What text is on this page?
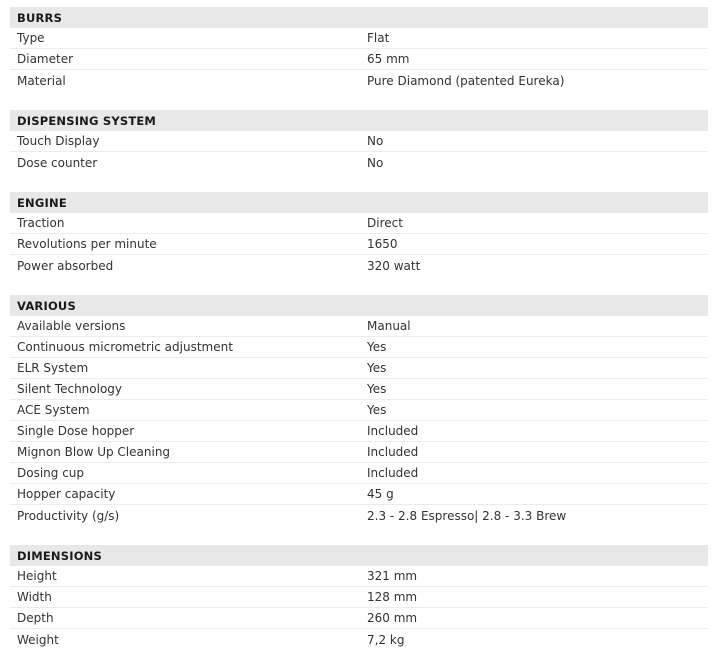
BURRS
Type	Flat
Diameter	65 mm
Material	Pure Diamond (patented Eureka)
DISPENSING SYSTEM
Touch Display	No
Dose counter	No
ENGINE
Traction	Direct
Revolutions per minute	1650
Power absorbed	320 watt
VARIOUS
Available versions	Manual
Continuous micrometric adjustment	Yes
ELR System	Yes
Silent Technology	Yes
ACE System	Yes
Single Dose hopper	Included
Mignon Blow Up Cleaning	Included
Dosing cup	Included
Hopper capacity	45 g
Productivity (g/s)	2.3 - 2.8 Espresso| 2.8 - 3.3 Brew
DIMENSIONS
Height	321 mm
Width	128 mm
Depth	260 mm
Weight	7,2 kg
